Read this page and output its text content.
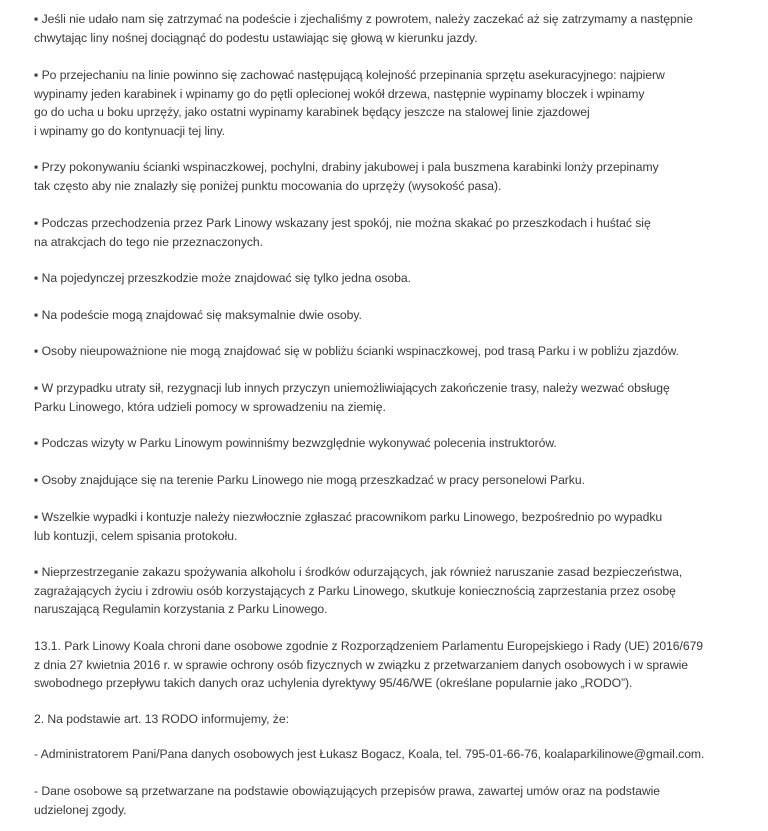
▪ Jeśli nie udało nam się zatrzymać na podeście i zjechaliśmy z powrotem, należy zaczekać aż się zatrzymamy a następnie
chwytając liny nośnej dociągnąć do podestu ustawiając się głową w kierunku jazdy.
▪ Po przejechaniu na linie powinno się zachować następującą kolejność przepinania sprzętu asekuracyjnego: najpierw
wypinamy jeden karabinek i wpinamy go do pętli oplecionej wokół drzewa, następnie wypinamy bloczek i wpinamy
go do ucha u boku uprzęży, jako ostatni wypinamy karabinek będący jeszcze na stalowej linie zjazdowej
i wpinamy go do kontynuacji tej liny.
▪ Przy pokonywaniu ścianki wspinaczkowej, pochylni, drabiny jakubowej i pala buszmena karabinki lonży przepinamy
tak często aby nie znalazły się poniżej punktu mocowania do uprzęży (wysokość pasa).
▪ Podczas przechodzenia przez Park Linowy wskazany jest spokój, nie można skakać po przeszkodach i huśtać się
na atrakcjach do tego nie przeznaczonych.
▪ Na pojedynczej przeszkodzie może znajdować się tylko jedna osoba.
▪ Na podeście mogą znajdować się maksymalnie dwie osoby.
▪ Osoby nieupoważnione nie mogą znajdować się w pobliżu ścianki wspinaczkowej, pod trasą Parku i w pobliżu zjazdów.
▪ W przypadku utraty sił, rezygnacji lub innych przyczyn uniemożliwiających zakończenie trasy, należy wezwać obsługę
Parku Linowego, która udzieli pomocy w sprowadzeniu na ziemię.
▪ Podczas wizyty w Parku Linowym powinniśmy bezwzględnie wykonywać polecenia instruktorów.
▪ Osoby znajdujące się na terenie Parku Linowego nie mogą przeszkadzać w pracy personelowi Parku.
▪ Wszelkie wypadki i kontuzje należy niezwłocznie zgłaszać pracownikom parku Linowego, bezpośrednio po wypadku
lub kontuzji, celem spisania protokołu.
▪ Nieprzestrzeganie zakazu spożywania alkoholu i środków odurzających, jak również naruszanie zasad bezpieczeństwa,
zagrażających życiu i zdrowiu osób korzystających z Parku Linowego, skutkuje koniecznością zaprzestania przez osobę
naruszającą Regulamin korzystania z Parku Linowego.
13.1. Park Linowy Koala chroni dane osobowe zgodnie z Rozporządzeniem Parlamentu Europejskiego i Rady (UE) 2016/679
z dnia 27 kwietnia 2016 r. w sprawie ochrony osób fizycznych w związku z przetwarzaniem danych osobowych i w sprawie
swobodnego przepływu takich danych oraz uchylenia dyrektywy 95/46/WE (określane popularnie jako „RODO”).
2. Na podstawie art. 13 RODO informujemy, że:
- Administratorem Pani/Pana danych osobowych jest Łukasz Bogacz, Koala, tel. 795-01-66-76, koalaparkilinowe@gmail.com.
- Dane osobowe są przetwarzane na podstawie obowiązujących przepisów prawa, zawartej umów oraz na podstawie
udzielonej zgody.
